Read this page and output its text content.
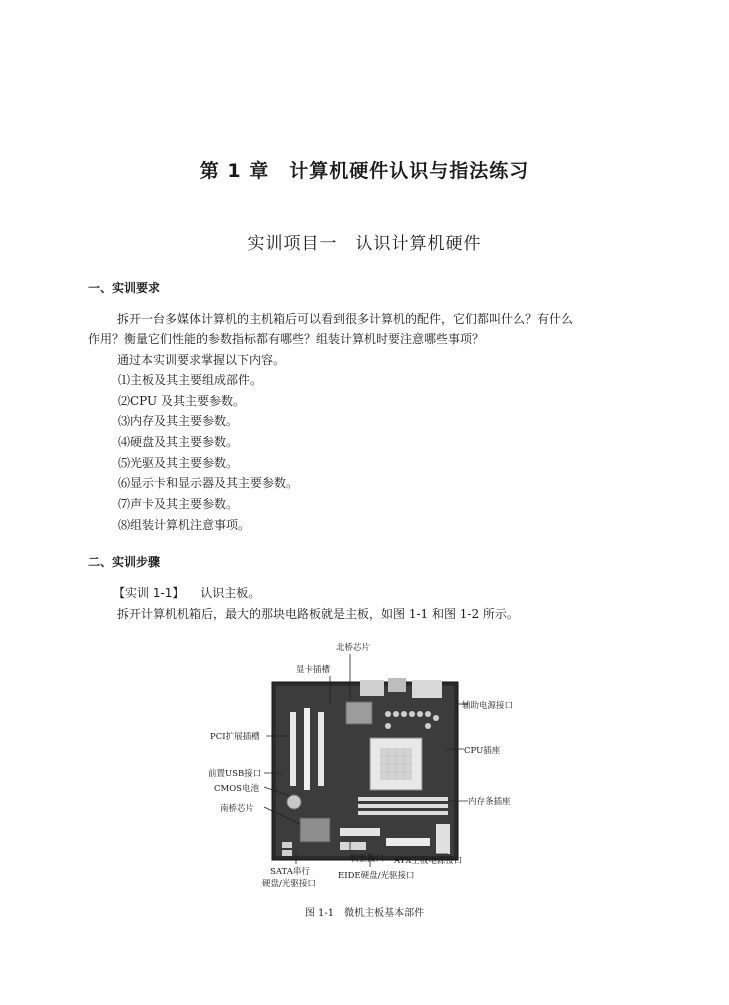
第 1 章　计算机硬件认识与指法练习
实训项目一　认识计算机硬件
一、实训要求
拆开一台多媒体计算机的主机箱后可以看到很多计算机的配件，它们都叫什么？有什么
作用？衡量它们性能的参数指标都有哪些？组装计算机时要注意哪些事项？
通过本实训要求掌握以下内容。
⑴主板及其主要组成部件。
⑵CPU 及其主要参数。
⑶内存及其主要参数。
⑷硬盘及其主要参数。
⑸光驱及其主要参数。
⑹显示卡和显示器及其主要参数。
⑺声卡及其主要参数。
⑻组装计算机注意事项。
二、实训步骤
【实训 1-1】 认识主板。
拆开计算机机箱后，最大的那块电路板就是主板，如图 1-1 和图 1-2 所示。
北桥芯片
显卡插槽
辅助电源接口
PCI扩展插槽
CPU插座
前置USB接口
CMOS电池
南桥芯片
内存条插座
软驱接口 ATX主板电源接口
SATA串行
硬盘/光驱接口
EIDE硬盘/光驱接口
图 1-1　微机主板基本部件
